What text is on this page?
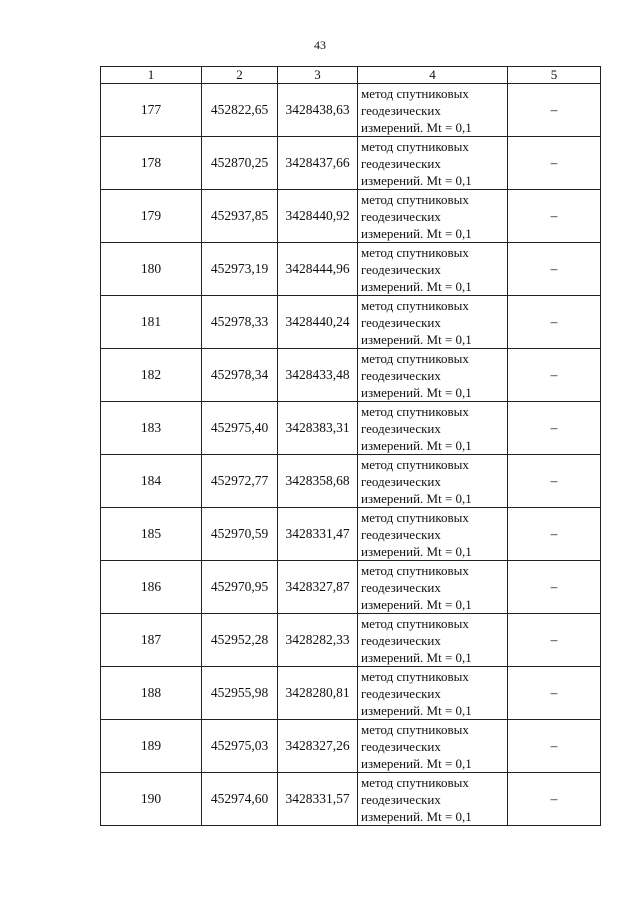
43
1	2	3	4	5
177	452822,65	3428438,63	метод спутниковых
геодезических
измерений. Mt = 0,1	–
178	452870,25	3428437,66	метод спутниковых
геодезических
измерений. Mt = 0,1	–
179	452937,85	3428440,92	метод спутниковых
геодезических
измерений. Mt = 0,1	–
180	452973,19	3428444,96	метод спутниковых
геодезических
измерений. Mt = 0,1	–
181	452978,33	3428440,24	метод спутниковых
геодезических
измерений. Mt = 0,1	–
182	452978,34	3428433,48	метод спутниковых
геодезических
измерений. Mt = 0,1	–
183	452975,40	3428383,31	метод спутниковых
геодезических
измерений. Mt = 0,1	–
184	452972,77	3428358,68	метод спутниковых
геодезических
измерений. Mt = 0,1	–
185	452970,59	3428331,47	метод спутниковых
геодезических
измерений. Mt = 0,1	–
186	452970,95	3428327,87	метод спутниковых
геодезических
измерений. Mt = 0,1	–
187	452952,28	3428282,33	метод спутниковых
геодезических
измерений. Mt = 0,1	–
188	452955,98	3428280,81	метод спутниковых
геодезических
измерений. Mt = 0,1	–
189	452975,03	3428327,26	метод спутниковых
геодезических
измерений. Mt = 0,1	–
190	452974,60	3428331,57	метод спутниковых
геодезических
измерений. Mt = 0,1	–
